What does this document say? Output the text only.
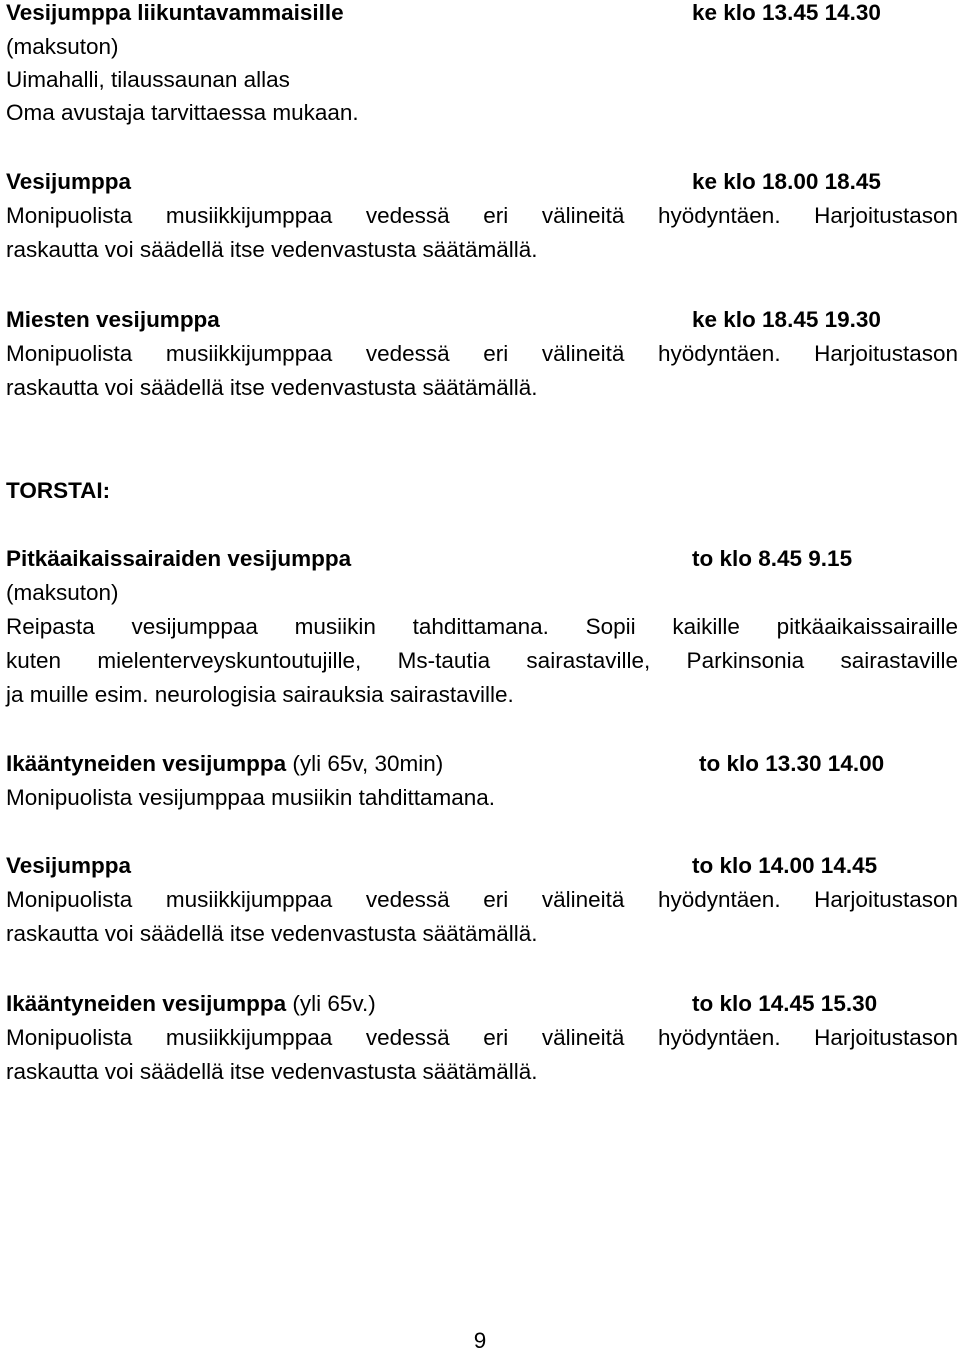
Vesijumppa liikuntavammaisille	ke klo 13.45 14.30
(maksuton)
Uimahalli, tilaussaunan allas
Oma avustaja tarvittaessa mukaan.
Vesijumppa	ke klo 18.00 18.45
Monipuolista musiikkijumppaa vedessä eri välineitä hyödyntäen. Harjoitustason
raskautta voi säädellä itse vedenvastusta säätämällä.
Miesten vesijumppa	ke klo 18.45 19.30
Monipuolista musiikkijumppaa vedessä eri välineitä hyödyntäen. Harjoitustason
raskautta voi säädellä itse vedenvastusta säätämällä.
TORSTAI:
Pitkäaikaissairaiden vesijumppa	to klo 8.45 9.15
(maksuton)
Reipasta vesijumppaa musiikin tahdittamana. Sopii kaikille pitkäaikaissairaille
kuten mielenterveyskuntoutujille, Ms-tautia sairastaville, Parkinsonia sairastaville
ja muille esim. neurologisia sairauksia sairastaville.
Ikääntyneiden vesijumppa (yli 65v, 30min)	to klo 13.30 14.00
Monipuolista vesijumppaa musiikin tahdittamana.
Vesijumppa	to klo 14.00 14.45
Monipuolista musiikkijumppaa vedessä eri välineitä hyödyntäen. Harjoitustason
raskautta voi säädellä itse vedenvastusta säätämällä.
Ikääntyneiden vesijumppa (yli 65v.)	to klo 14.45 15.30
Monipuolista musiikkijumppaa vedessä eri välineitä hyödyntäen. Harjoitustason
raskautta voi säädellä itse vedenvastusta säätämällä.
9
